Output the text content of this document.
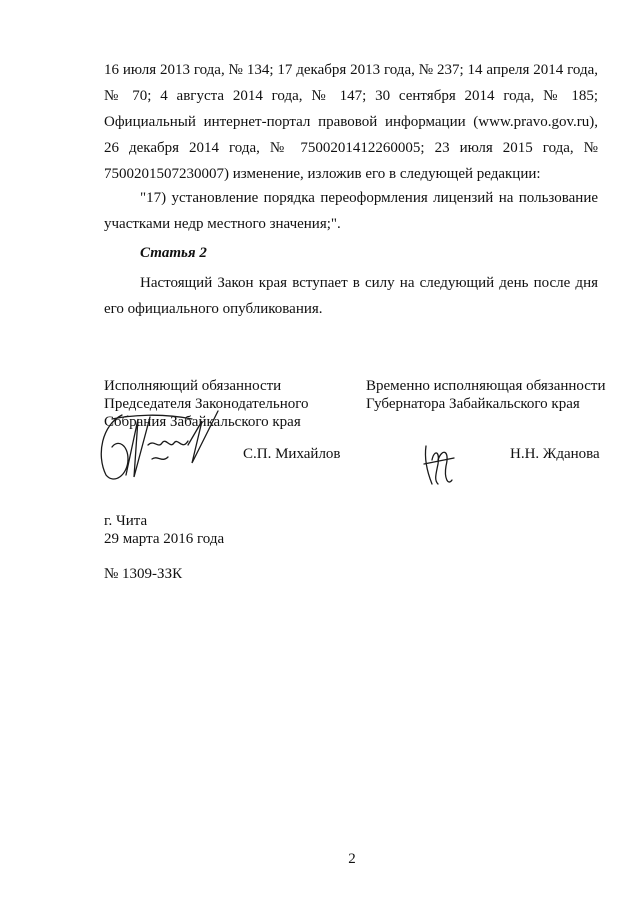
16 июля 2013 года, № 134; 17 декабря 2013 года, № 237; 14 апреля 2014 года, № 70; 4 августа 2014 года, № 147; 30 сентября 2014 года, № 185; Официальный интернет-портал правовой информации (www.pravo.gov.ru), 26 декабря 2014 года, № 7500201412260005; 23 июля 2015 года, № 7500201507230007) изменение, изложив его в следующей редакции:
"17) установление порядка переоформления лицензий на пользование участками недр местного значения;".
Статья 2
Настоящий Закон края вступает в силу на следующий день после дня его официального опубликования.
Исполняющий обязанности
Председателя Законодательного
Собрания Забайкальского края
Временно исполняющая обязанности
Губернатора Забайкальского края
С.П. Михайлов	Н.Н. Жданова
г. Чита
29 марта 2016 года
№ 1309-ЗЗК
2
